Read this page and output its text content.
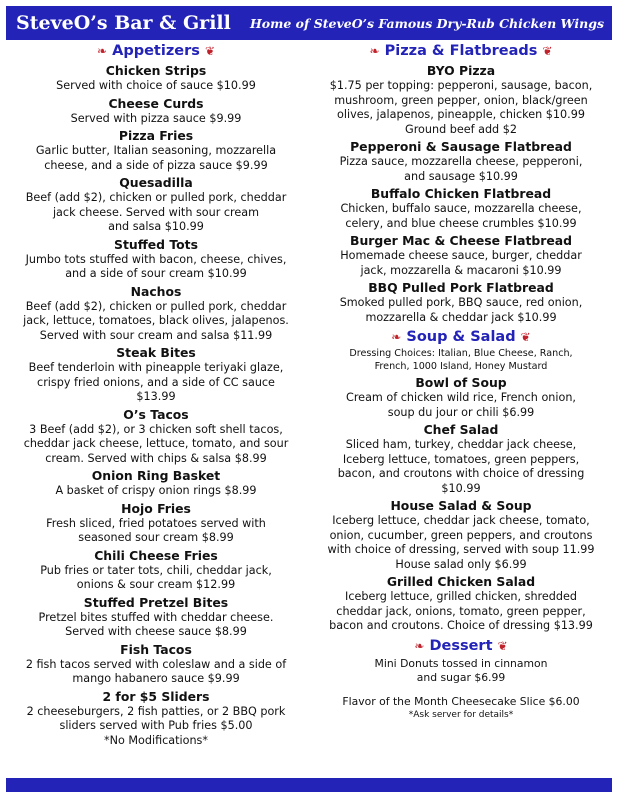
SteveO’s Bar & Grill Home of SteveO’s Famous Dry-Rub Chicken Wings
❧ Appetizers ❦
Chicken Strips
Served with choice of sauce $10.99
Cheese Curds
Served with pizza sauce $9.99
Pizza Fries
Garlic butter, Italian seasoning, mozzarella
cheese, and a side of pizza sauce $9.99
Quesadilla
Beef (add $2), chicken or pulled pork, cheddar
jack cheese. Served with sour cream
and salsa $10.99
Stuffed Tots
Jumbo tots stuffed with bacon, cheese, chives,
and a side of sour cream $10.99
Nachos
Beef (add $2), chicken or pulled pork, cheddar
jack, lettuce, tomatoes, black olives, jalapenos.
Served with sour cream and salsa $11.99
Steak Bites
Beef tenderloin with pineapple teriyaki glaze,
crispy fried onions, and a side of CC sauce
$13.99
O’s Tacos
3 Beef (add $2), or 3 chicken soft shell tacos,
cheddar jack cheese, lettuce, tomato, and sour
cream. Served with chips & salsa $8.99
Onion Ring Basket
A basket of crispy onion rings $8.99
Hojo Fries
Fresh sliced, fried potatoes served with
seasoned sour cream $8.99
Chili Cheese Fries
Pub fries or tater tots, chili, cheddar jack,
onions & sour cream $12.99
Stuffed Pretzel Bites
Pretzel bites stuffed with cheddar cheese.
Served with cheese sauce $8.99
Fish Tacos
2 fish tacos served with coleslaw and a side of
mango habanero sauce $9.99
2 for $5 Sliders
2 cheeseburgers, 2 fish patties, or 2 BBQ pork
sliders served with Pub fries $5.00
*No Modifications*
❧ Pizza & Flatbreads ❦
BYO Pizza
$1.75 per topping: pepperoni, sausage, bacon,
mushroom, green pepper, onion, black/green
olives, jalapenos, pineapple, chicken $10.99
Ground beef add $2
Pepperoni & Sausage Flatbread
Pizza sauce, mozzarella cheese, pepperoni,
and sausage $10.99
Buffalo Chicken Flatbread
Chicken, buffalo sauce, mozzarella cheese,
celery, and blue cheese crumbles $10.99
Burger Mac & Cheese Flatbread
Homemade cheese sauce, burger, cheddar
jack, mozzarella & macaroni $10.99
BBQ Pulled Pork Flatbread
Smoked pulled pork, BBQ sauce, red onion,
mozzarella & cheddar jack $10.99
❧ Soup & Salad ❦
Dressing Choices: Italian, Blue Cheese, Ranch,
French, 1000 Island, Honey Mustard
Bowl of Soup
Cream of chicken wild rice, French onion,
soup du jour or chili $6.99
Chef Salad
Sliced ham, turkey, cheddar jack cheese,
Iceberg lettuce, tomatoes, green peppers,
bacon, and croutons with choice of dressing
$10.99
House Salad & Soup
Iceberg lettuce, cheddar jack cheese, tomato,
onion, cucumber, green peppers, and croutons
with choice of dressing, served with soup 11.99
House salad only $6.99
Grilled Chicken Salad
Iceberg lettuce, grilled chicken, shredded
cheddar jack, onions, tomato, green pepper,
bacon and croutons. Choice of dressing $13.99
❧ Dessert ❦
Mini Donuts tossed in cinnamon
and sugar $6.99
Flavor of the Month Cheesecake Slice $6.00
*Ask server for details*
